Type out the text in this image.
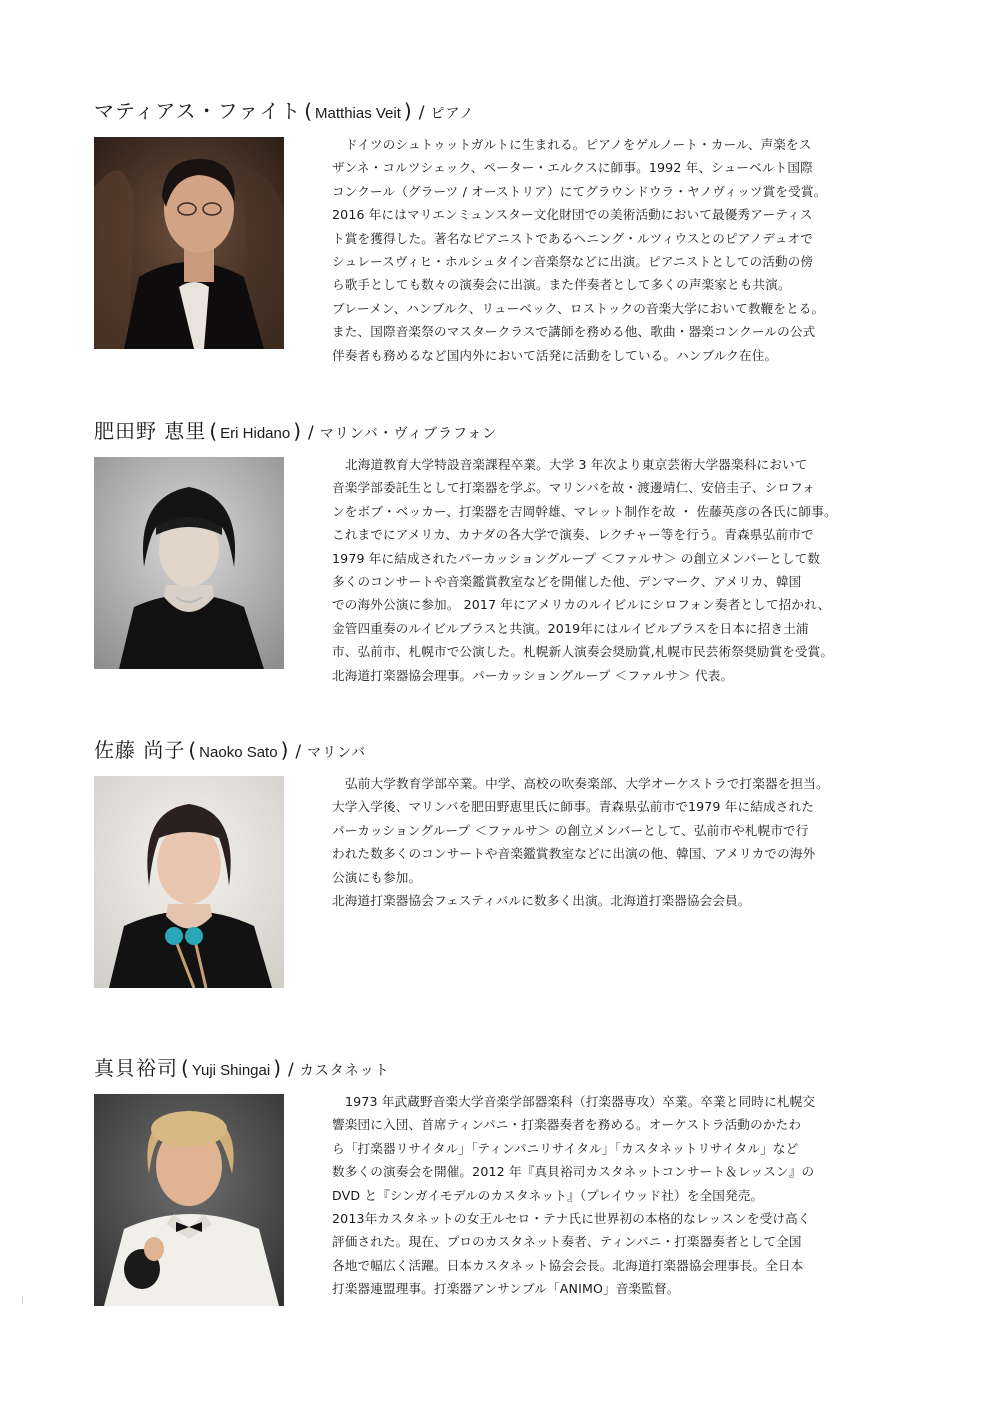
マティアス・ファイト ( Matthias Veit ) / ピアノ
ドイツのシュトゥットガルトに生まれる。ピアノをゲルノート・カール、声楽をス
ザンネ・コルツシェック、ペーター・エルクスに師事。1992 年、シューベルト国際
コンクール（グラーツ / オーストリア）にてグラウンドウラ・ヤノヴィッツ賞を受賞。
2016 年にはマリエンミュンスター文化財団での美術活動において最優秀アーティス
ト賞を獲得した。著名なピアニストであるヘニング・ルツィウスとのピアノデュオで
シュレースヴィヒ・ホルシュタイン音楽祭などに出演。ピアニストとしての活動の傍
ら歌手としても数々の演奏会に出演。また伴奏者として多くの声楽家とも共演。
ブレーメン、ハンブルク、リューベック、ロストックの音楽大学において教鞭をとる。
また、国際音楽祭のマスタークラスで講師を務める他、歌曲・器楽コンクールの公式
伴奏者も務めるなど国内外において活発に活動をしている。ハンブルク在住。
肥田野 恵里 ( Eri Hidano ) / マリンバ・ヴィブラフォン
北海道教育大学特設音楽課程卒業。大学 3 年次より東京芸術大学器楽科において
音楽学部委託生として打楽器を学ぶ。マリンバを故・渡邊靖仁、安倍圭子、シロフォ
ンをボブ・ベッカー、打楽器を吉岡幹雄、マレット制作を故 ・ 佐藤英彦の各氏に師事。
これまでにアメリカ、カナダの各大学で演奏、レクチャー等を行う。青森県弘前市で
1979 年に結成されたパーカッショングループ ＜ファルサ＞ の創立メンバーとして数
多くのコンサートや音楽鑑賞教室などを開催した他、デンマーク、アメリカ、韓国
での海外公演に参加。 2017 年にアメリカのルイビルにシロフォン奏者として招かれ、
金管四重奏のルイビルブラスと共演。2019年にはルイビルブラスを日本に招き土浦
市、弘前市、札幌市で公演した。札幌新人演奏会奨励賞,札幌市民芸術祭奨励賞を受賞。
北海道打楽器協会理事。パーカッショングループ ＜ファルサ＞ 代表。
佐藤 尚子 ( Naoko Sato ) / マリンバ
弘前大学教育学部卒業。中学、高校の吹奏楽部、大学オーケストラで打楽器を担当。
大学入学後、マリンバを肥田野恵里氏に師事。青森県弘前市で1979 年に結成された
パーカッショングループ ＜ファルサ＞ の創立メンバーとして、弘前市や札幌市で行
われた数多くのコンサートや音楽鑑賞教室などに出演の他、韓国、アメリカでの海外
公演にも参加。
北海道打楽器協会フェスティバルに数多く出演。北海道打楽器協会会員。
真貝裕司 ( Yuji Shingai ) / カスタネット
1973 年武蔵野音楽大学音楽学部器楽科（打楽器専攻）卒業。卒業と同時に札幌交
響楽団に入団、首席ティンパニ・打楽器奏者を務める。オーケストラ活動のかたわ
ら「打楽器リサイタル」「ティンパニリサイタル」「カスタネットリサイタル」など
数多くの演奏会を開催。2012 年『真貝裕司カスタネットコンサート＆レッスン』の
DVD と『シンガイモデルのカスタネット』（プレイウッド社）を全国発売。
2013年カスタネットの女王ルセロ・テナ氏に世界初の本格的なレッスンを受け高く
評価された。現在、プロのカスタネット奏者、ティンパニ・打楽器奏者として全国
各地で幅広く活躍。日本カスタネット協会会長。北海道打楽器協会理事長。全日本
打楽器連盟理事。打楽器アンサンブル「ANIMO」音楽監督。
